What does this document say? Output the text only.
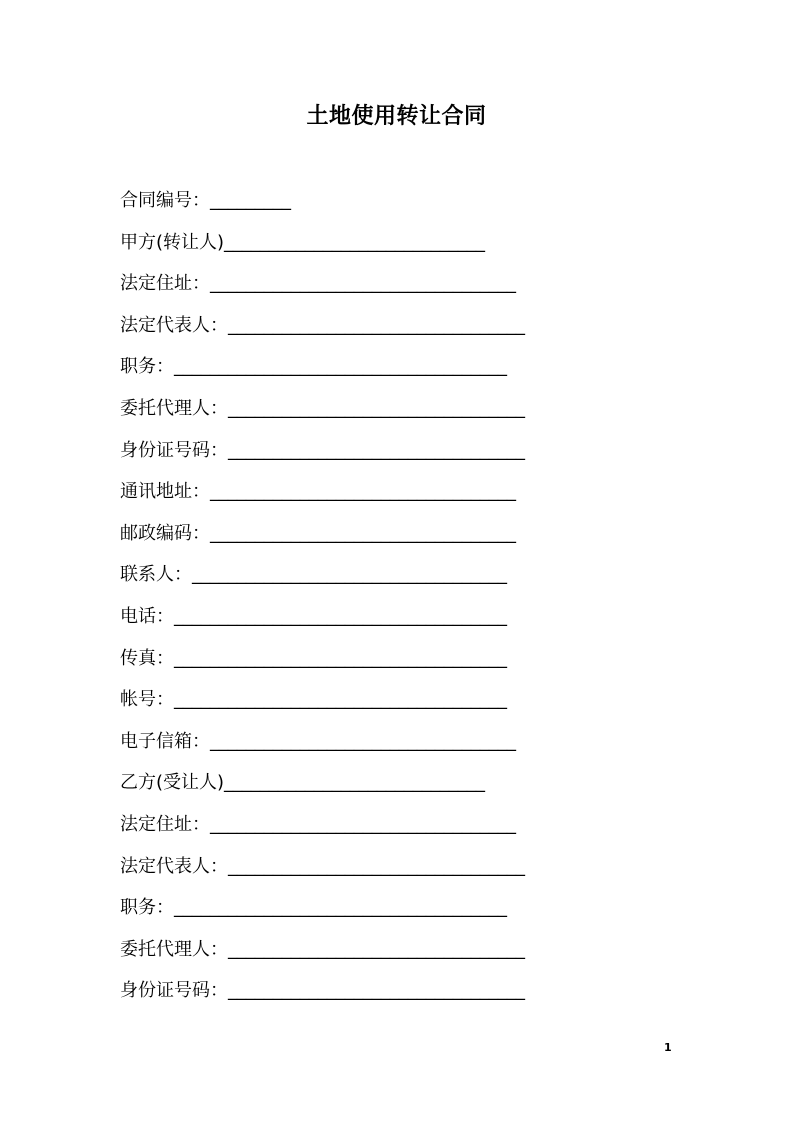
土地使用转让合同
合同编号：_________
甲方(转让人)_____________________________
法定住址：__________________________________
法定代表人：_________________________________
职务：_____________________________________
委托代理人：_________________________________
身份证号码：_________________________________
通讯地址：__________________________________
邮政编码：__________________________________
联系人：___________________________________
电话：_____________________________________
传真：_____________________________________
帐号：_____________________________________
电子信箱：__________________________________
乙方(受让人)_____________________________
法定住址：__________________________________
法定代表人：_________________________________
职务：_____________________________________
委托代理人：_________________________________
身份证号码：_________________________________
1
